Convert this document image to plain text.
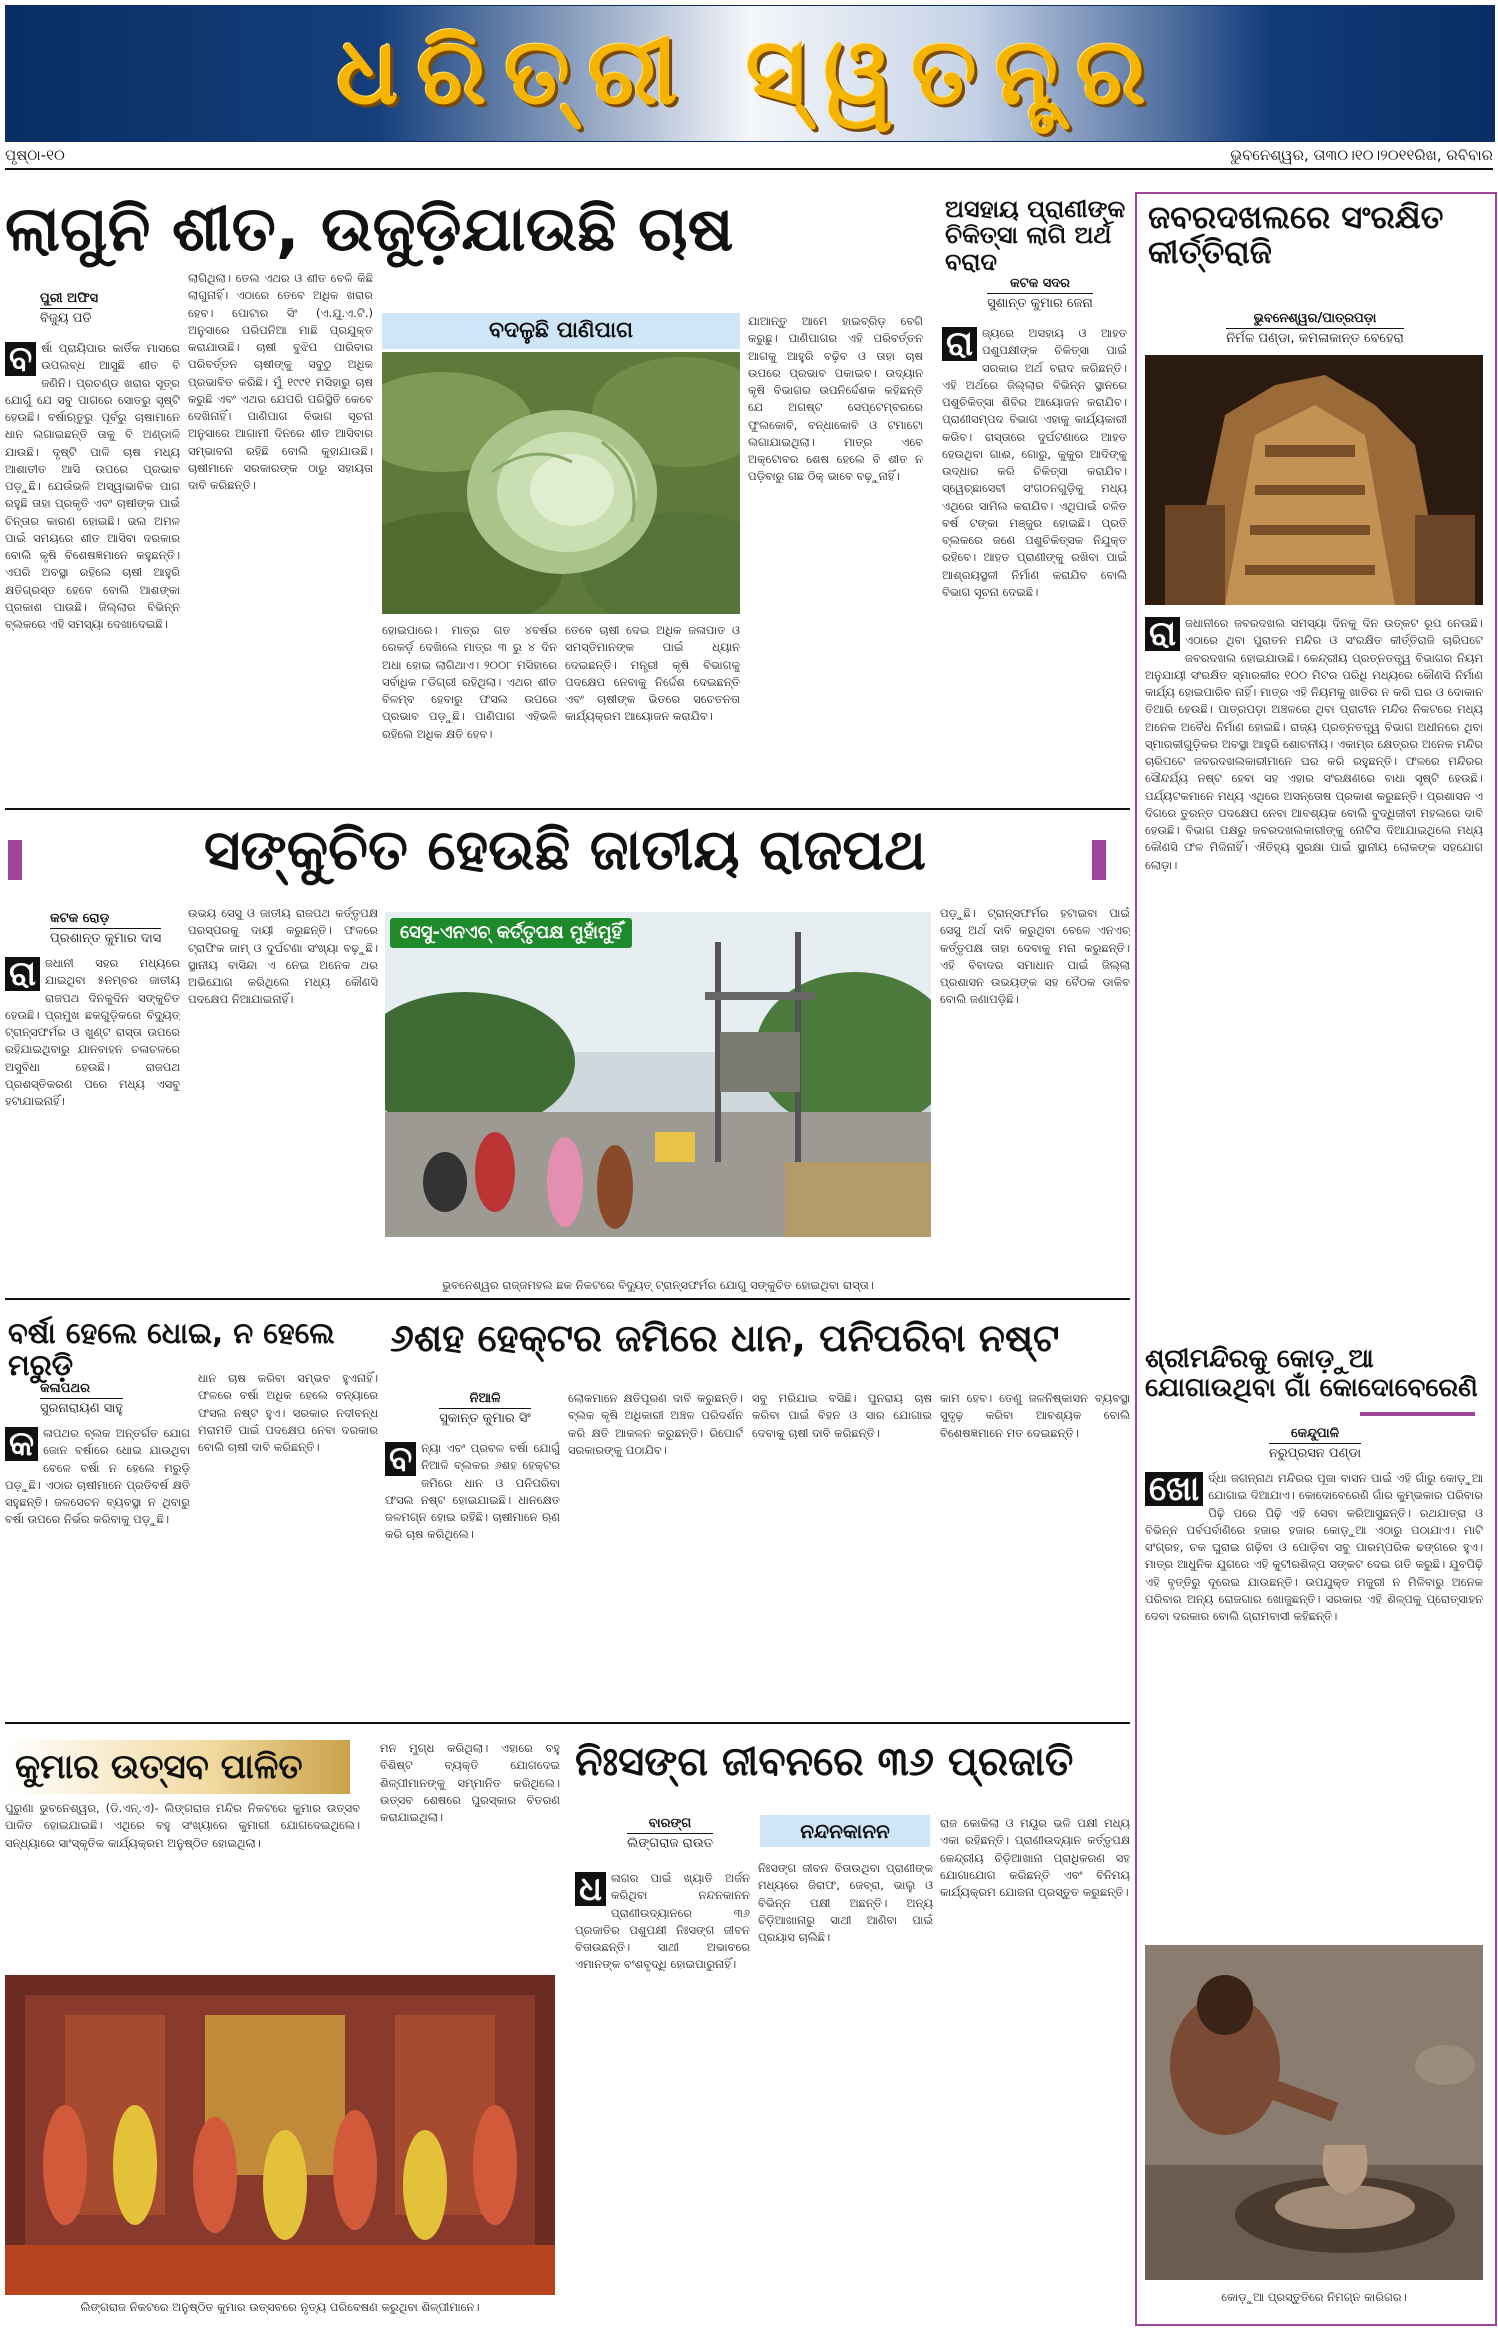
ଧରିତ୍ରୀ ସ୍ୱତନ୍ତ୍ର
ପୃଷ୍ଠା-୧୦	ଭୁବନେଶ୍ୱର, ତା୩୦।୧୦।୨୦୧୧ରିଖ, ରବିବାର
ଲାଗୁନି ଶୀତ, ଉଜୁଡ଼ିଯାଉଛି ଚାଷ
ପୁରୀ ଅଫିସ
ବିଜୁୟ ପତି
ବ ର୍ଷା ପ୍ରାୟିପାର କାର୍ତିକ ମାସରେ ଉପଲବ୍ଧ ଆସୁଛି ଶୀତ ବି ଜଣିନି। ପ୍ରଚଣ୍ଡ ଖରାର ସୂତ୍ର ଯୋଗୁଁ ଯେ ସବୁ ପାଗରେ ସୋତରୁ ସୃଷ୍ଟି ହେଉଛି। ବର୍ଷାଋତୁରୁ ପୂର୍ବରୁ ଚାଷାମାନେ ଧାନ ଲଗାଇଛନ୍ତି ତାକୁ ବି ଅଣ୍ଡାଳି ଯାଉଛି। ଦୃଷ୍ଟି ପାଳି ଚାଷ ମଧ୍ୟ ଆଶାତୀତ ଆସି ଉପରେ ପ୍ରଭାବ ପଡ଼ୁଛି। ଯେଉଁଭଳି ଅସ୍ୱାଭାବିକ ପାଗ ରହୁଛି ତାହା ପ୍ରକୃତି ଏବଂ ଚାଷୀଙ୍କ ପାଇଁ ଚିନ୍ତାର କାରଣ ହୋଇଛି। ଭଲ ଅମଳ ପାଇଁ ସମୟରେ ଶୀତ ଆସିବା ଦରକାର ବୋଲି କୃଷି ବିଶେଷଜ୍ଞମାନେ କହୁଛନ୍ତି। ଏପରି ଅବସ୍ଥା ରହିଲେ ଚାଷୀ ଆହୁରି କ୍ଷତିଗ୍ରସ୍ତ ହେବେ ବୋଲି ଆଶଙ୍କା ପ୍ରକାଶ ପାଉଛି। ଜିଲ୍ଲାର ବିଭିନ୍ନ ବ୍ଲକରେ ଏହି ସମସ୍ୟା ଦେଖାଦେଇଛି।
ଲାଗିଥିଲା। ତେଲ ଏଥର ଓ ଶୀତ ବେଳି କିଛି ଲାଗୁନାହିଁ। ଏଠାରେ ତେବେ ଅଧିକ ଖରାର ହେବ। ପୋଟାର ସିଂ (ଏ.ଯୁ.ଏ.ଟି.) ଅନୁସାରେ ପରିପନିଆ ମାଛି ପ୍ରଯୁକ୍ତ କରାଯାଉଛି। ଚାଷୀ ବୁଝିପ ପାରିବାର ପରିବର୍ତ୍ତନ ଚାଷୀଙ୍କୁ ସବୁଠୁ ଅଧିକ ପ୍ରଭାବିତ କରିଛି। ମୁଁ ୧୯୯୧ ମସିହାରୁ ଚାଷ କରୁଛି ଏବଂ ଏଥର ଯେପରି ପରିସ୍ଥିତି କେବେ ଦେଖିନାହିଁ। ପାଣିପାଗ ବିଭାଗ ସୂଚନା ଅନୁସାରେ ଆଗାମୀ ଦିନରେ ଶୀତ ଆସିବାର ସମ୍ଭାବନା ରହିଛି ବୋଲି କୁହାଯାଉଛି। ଚାଷୀମାନେ ସରକାରଙ୍କ ଠାରୁ ସହାୟତା ଦାବି କରିଛନ୍ତି।
ବଦଳୁଛି ପାଣିପାଗ
ହୋଇପାରେ। ମାତ୍ର ଗତ ୪ବର୍ଷର ରେକର୍ଡ଼ ଦେଖିଲେ ମାତ୍ର ୩ ରୁ ୪ ଦିନ ଅଧା ହୋଇ ଲାଗିଥାଏ। ୨୦୦୮ ମସିହାରେ ସର୍ବାଧିକ ୮ଡିଗ୍ରୀ ରହିଥିଲା। ଏଥର ଶୀତ ବିଳମ୍ବ ହେବାରୁ ଫସଲ ଉପରେ ପ୍ରଭାବ ପଡ଼ୁଛି। ପାଣିପାଗ ଏହିଭଳି ରହିଲେ ଅଧିକ କ୍ଷତି ହେବ।
ତେବେ ଚାଷୀ ଦେଇ ଅଧିକ ଜଳାପାତ ଓ ସମସ୍ତିମାନଙ୍କ ପାଇଁ ଧ୍ୟାନ ଦେଇଛନ୍ତି। ମନ୍ତ୍ରୀ କୃଷି ବିଭାଗକୁ ପଦକ୍ଷେପ ନେବାକୁ ନିର୍ଦ୍ଦେଶ ଦେଇଛନ୍ତି ଏବଂ ଚାଷୀଙ୍କ ଭିତରେ ସଚେତନତା କାର୍ଯ୍ୟକ୍ରମ ଆୟୋଜନ କରାଯିବ।
ଯାଆନ୍ତୁ ଆମେ ହାଇବ୍ରିଡ଼ ବେଗି କରୁଛୁ। ପାଣିପାଗର ଏହି ପରିବର୍ତ୍ତନ ଆଗକୁ ଆହୁରି ବଢ଼ିବ ଓ ତାହା ଚାଷ ଉପରେ ପ୍ରଭାବ ପକାଇବ। ଉଦ୍ୟାନ କୃଷି ବିଭାଗର ଉପନିର୍ଦ୍ଦେଶକ କହିଛନ୍ତି ଯେ ଅଗଷ୍ଟ ସେପ୍ଟେମ୍ବରରେ ଫୁଲକୋବି, ବନ୍ଧାକୋବି ଓ ଟମାଟୋ ଲଗାଯାଇଥିଲା। ମାତ୍ର ଏବେ ଅକ୍ଟୋବର ଶେଷ ହେଲେ ବି ଶୀତ ନ ପଡ଼ିବାରୁ ଗଛ ଠିକ୍ ଭାବେ ବଢ଼ୁନାହିଁ।
ଅସହାୟ ପ୍ରାଣୀଙ୍କ ଚିକିତ୍ସା ଲାଗି ଅର୍ଥ ବରାଦ
କଟକ ସଦର
ସୁଶାନ୍ତ କୁମାର ଜେନା
ରା ଜ୍ୟରେ ଅସହାୟ ଓ ଆହତ ପଶୁପକ୍ଷୀଙ୍କ ଚିକିତ୍ସା ପାଇଁ ସରକାର ଅର୍ଥ ବରାଦ କରିଛନ୍ତି। ଏହି ଅର୍ଥରେ ଜିଲ୍ଲାର ବିଭିନ୍ନ ସ୍ଥାନରେ ପଶୁଚିକିତ୍ସା ଶିବିର ଆୟୋଜନ କରାଯିବ। ପ୍ରାଣୀସମ୍ପଦ ବିଭାଗ ଏହାକୁ କାର୍ଯ୍ୟକାରୀ କରିବ। ରାସ୍ତାରେ ଦୁର୍ଘଟଣାରେ ଆହତ ହେଉଥିବା ଗାଈ, ଗୋରୁ, କୁକୁର ଆଦିଙ୍କୁ ଉଦ୍ଧାର କରି ଚିକିତ୍ସା କରାଯିବ। ସ୍ୱେଚ୍ଛାସେବୀ ସଂଗଠନଗୁଡ଼ିକୁ ମଧ୍ୟ ଏଥିରେ ସାମିଲ କରାଯିବ। ଏଥିପାଇଁ ଚଳିତ ବର୍ଷ ଟଙ୍କା ମଞ୍ଜୁର ହୋଇଛି। ପ୍ରତି ବ୍ଲକରେ ଜଣେ ପଶୁଚିକିତ୍ସକ ନିଯୁକ୍ତ ରହିବେ। ଆହତ ପ୍ରାଣୀଙ୍କୁ ରଖିବା ପାଇଁ ଆଶ୍ରୟସ୍ଥଳୀ ନିର୍ମାଣ କରାଯିବ ବୋଲି ବିଭାଗ ସୂଚନା ଦେଇଛି।
ସଙ୍କୁଚିତ ହେଉଛି ଜାତୀୟ ରାଜପଥ
କଟକ ରୋଡ଼
ପ୍ରଶାନ୍ତ କୁମାର ଦାସ
ରା ଜଧାନୀ ସହର ମଧ୍ୟରେ ଯାଇଥିବା ୫ନମ୍ବର ଜାତୀୟ ରାଜପଥ ଦିନକୁଦିନ ସଙ୍କୁଚିତ ହେଉଛି। ପ୍ରମୁଖ ଛକଗୁଡ଼ିକରେ ବିଦ୍ୟୁତ୍ ଟ୍ରାନ୍ସଫର୍ମର ଓ ଖୁଣ୍ଟ ରାସ୍ତା ଉପରେ ରହିଯାଇଥିବାରୁ ଯାନବାହନ ଚଳାଚଳରେ ଅସୁବିଧା ହେଉଛି। ରାଜପଥ ପ୍ରଶସ୍ତିକରଣ ପରେ ମଧ୍ୟ ଏସବୁ ହଟାଯାଇନାହିଁ।
ଉଭୟ ସେସୁ ଓ ଜାତୀୟ ରାଜପଥ କର୍ତ୍ତୃପକ୍ଷ ପରସ୍ପରକୁ ଦାୟୀ କରୁଛନ୍ତି। ଫଳରେ ଟ୍ରାଫିକ ଜାମ୍ ଓ ଦୁର୍ଘଟଣା ସଂଖ୍ୟା ବଢ଼ୁଛି। ସ୍ଥାନୀୟ ବାସିନ୍ଦା ଏ ନେଇ ଅନେକ ଥର ଅଭିଯୋଗ କରିଥିଲେ ମଧ୍ୟ କୌଣସି ପଦକ୍ଷେପ ନିଆଯାଇନାହିଁ।
ସେସୁ-ଏନଏଚ୍ କର୍ତ୍ତୃପକ୍ଷ ମୁହାଁମୁହିଁ
ଭୁବନେଶ୍ୱର ରାଜ୍ଜମହଲ ଛକ ନିକଟରେ ବିଦ୍ୟୁତ୍ ଟ୍ରାନ୍ସଫର୍ମର ଯୋଗୁ ସଙ୍କୁଚିତ ହୋଇଥିବା ରାସ୍ତା।
ପଡ଼ୁଛି। ଟ୍ରାନ୍ସଫର୍ମର ହଟାଇବା ପାଇଁ ସେସୁ ଅର୍ଥ ଦାବି କରୁଥିବା ବେଳେ ଏନଏଚ୍ କର୍ତ୍ତୃପକ୍ଷ ତାହା ଦେବାକୁ ମନା କରୁଛନ୍ତି। ଏହି ବିବାଦର ସମାଧାନ ପାଇଁ ଜିଲ୍ଲା ପ୍ରଶାସନ ଉଭୟଙ୍କ ସହ ବୈଠକ ଡାକିବ ବୋଲି ଜଣାପଡ଼ିଛି।
ବର୍ଷା ହେଲେ ଧୋଇ, ନ ହେଲେ ମରୁଡ଼ି
କଳାପଥର
ସୁରନାରାୟଣ ସାହୁ
କ ଳାପଥର ବ୍ଲକ ଅନ୍ତର୍ଗତ ଯୋଗ ଜୋନ ବର୍ଷାରେ ଧୋଇ ଯାଉଥିବା ବେଳେ ବର୍ଷା ନ ହେଲେ ମରୁଡ଼ି ପଡ଼ୁଛି। ଏଠାର ଚାଷୀମାନେ ପ୍ରତିବର୍ଷ କ୍ଷତି ସହୁଛନ୍ତି। ଜଳସେଚନ ବ୍ୟବସ୍ଥା ନ ଥିବାରୁ ବର୍ଷା ଉପରେ ନିର୍ଭର କରିବାକୁ ପଡ଼ୁଛି।
ଧାନ ଚାଷ କରିବା ସମ୍ଭବ ହୁଏନାହିଁ। ଫଳରେ ବର୍ଷା ଅଧିକ ହେଲେ ବନ୍ୟାରେ ଫସଲ ନଷ୍ଟ ହୁଏ। ସରକାର ନଦୀବନ୍ଧ ମରାମତି ପାଇଁ ପଦକ୍ଷେପ ନେବା ଦରକାର ବୋଲି ଚାଷୀ ଦାବି କରିଛନ୍ତି।
୬ଶହ ହେକ୍ଟର ଜମିରେ ଧାନ, ପନିପରିବା ନଷ୍ଟ
ନିଆଳି
ସୁକାନ୍ତ କୁମାର ସିଂ
ବ ନ୍ୟା ଏବଂ ପ୍ରବଳ ବର୍ଷା ଯୋଗୁଁ ନିଆଳି ବ୍ଲକର ୬ଶହ ହେକ୍ଟର ଜମିରେ ଧାନ ଓ ପନିପରିବା ଫସଲ ନଷ୍ଟ ହୋଇଯାଇଛି। ଧାନକ୍ଷେତ ଜଳମଗ୍ନ ହୋଇ ରହିଛି। ଚାଷୀମାନେ ଋଣ କରି ଚାଷ କରିଥିଲେ।
ଲୋକମାନେ କ୍ଷତିପୂରଣ ଦାବି କରୁଛନ୍ତି। ବ୍ଲକ କୃଷି ଅଧିକାରୀ ଅଞ୍ଚଳ ପରିଦର୍ଶନ କରି କ୍ଷତି ଆକଳନ କରୁଛନ୍ତି। ରିପୋର୍ଟ ସରକାରଙ୍କୁ ପଠାଯିବ।
ସବୁ ମରିଯାଇ ବସିଛି। ପୁନରାୟ ଚାଷ କରିବା ପାଇଁ ବିହନ ଓ ସାର ଯୋଗାଇ ଦେବାକୁ ଚାଷୀ ଦାବି କରିଛନ୍ତି।
କାମ ହେବ। ତେଣୁ ଜଳନିଷ୍କାସନ ବ୍ୟବସ୍ଥା ସୁଦୃଢ଼ କରିବା ଆବଶ୍ୟକ ବୋଲି ବିଶେଷଜ୍ଞମାନେ ମତ ଦେଇଛନ୍ତି।
କୁମାର ଉତ୍ସବ ପାଳିତ
ପୁରୁଣା ଭୁବନେଶ୍ୱର, (ଡି.ଏନ୍.ଏ)- ଲିଙ୍ଗରାଜ ମନ୍ଦିର ନିକଟରେ କୁମାର ଉତ୍ସବ ପାଳିତ ହୋଇଯାଇଛି। ଏଥିରେ ବହୁ ସଂଖ୍ୟାରେ କୁମାରୀ ଯୋଗଦେଇଥିଲେ। ସନ୍ଧ୍ୟାରେ ସାଂସ୍କୃତିକ କାର୍ଯ୍ୟକ୍ରମ ଅନୁଷ୍ଠିତ ହୋଇଥିଲା।
ମନ ମୁଗ୍ଧ କରିଥିଲା। ଏହାରେ ବହୁ ବିଶିଷ୍ଟ ବ୍ୟକ୍ତି ଯୋଗଦେଇ ଶିଳ୍ପୀମାନଙ୍କୁ ସମ୍ମାନିତ କରିଥିଲେ। ଉତ୍ସବ ଶେଷରେ ପୁରସ୍କାର ବିତରଣ କରାଯାଇଥିଲା।
ଲିଙ୍ଗରାଜ ନିକଟରେ ଅନୁଷ୍ଠିତ କୁମାର ଉତ୍ସବରେ ନୃତ୍ୟ ପରିବେଷଣ କରୁଥିବା ଶିଳ୍ପୀମାନେ।
ନିଃସଙ୍ଗ ଜୀବନରେ ୩୬ ପ୍ରଜାତି
ବାରଙ୍ଗ
ଲିଙ୍ଗରାଜ ରାଉତ
ନନ୍ଦନକାନନ
ଧ ଳାଗର ପାଇଁ ଖ୍ୟାତି ଅର୍ଜନ କରିଥିବା ନନ୍ଦନକାନନ ପ୍ରାଣୀଉଦ୍ୟାନରେ ୩୬ ପ୍ରଜାତିର ପଶୁପକ୍ଷୀ ନିଃସଙ୍ଗ ଜୀବନ ବିତାଉଛନ୍ତି। ସାଥୀ ଅଭାବରେ ଏମାନଙ୍କ ବଂଶବୃଦ୍ଧି ହୋଇପାରୁନାହିଁ।
ନିଃସଙ୍ଗ ଜୀବନ ବିତାଉଥିବା ପ୍ରାଣୀଙ୍କ ମଧ୍ୟରେ ଜିରାଫ, ଜେବ୍ରା, ଭାଲୁ ଓ ବିଭିନ୍ନ ପକ୍ଷୀ ଅଛନ୍ତି। ଅନ୍ୟ ଚିଡ଼ିଆଖାନାରୁ ସାଥୀ ଆଣିବା ପାଇଁ ପ୍ରୟାସ ଚାଲିଛି।
ରାଜ କୋକିଲା ଓ ମୟୂର ଭଳି ପକ୍ଷୀ ମଧ୍ୟ ଏକା ରହିଛନ୍ତି। ପ୍ରାଣୀଉଦ୍ୟାନ କର୍ତ୍ତୃପକ୍ଷ କେନ୍ଦ୍ରୀୟ ଚିଡ଼ିଆଖାନା ପ୍ରାଧିକରଣ ସହ ଯୋଗାଯୋଗ କରିଛନ୍ତି ଏବଂ ବିନିମୟ କାର୍ଯ୍ୟକ୍ରମ ଯୋଜନା ପ୍ରସ୍ତୁତ କରୁଛନ୍ତି।
ଜବରଦଖଲରେ ସଂରକ୍ଷିତ କୀର୍ତ୍ତିରାଜି
ଭୁବନେଶ୍ୱର/ପାତ୍ରପଡ଼ା
ନିର୍ମଳ ପଣ୍ଡା, କମଳାକାନ୍ତ ବେହେରା
ରା ଜଧାନୀରେ ଜବରଦଖଲ ସମସ୍ୟା ଦିନକୁ ଦିନ ଉତ୍କଟ ରୂପ ନେଉଛି। ଏଠାରେ ଥିବା ପୁରାତନ ମନ୍ଦିର ଓ ସଂରକ୍ଷିତ କୀର୍ତ୍ତିରାଜି ଚାରିପଟେ ଜବରଦଖଲ ହୋଇଯାଉଛି। କେନ୍ଦ୍ରୀୟ ପ୍ରତ୍ନତତ୍ତ୍ୱ ବିଭାଗର ନିୟମ ଅନୁଯାୟୀ ସଂରକ୍ଷିତ ସ୍ମାରକୀର ୧୦୦ ମିଟର ପରିଧି ମଧ୍ୟରେ କୌଣସି ନିର୍ମାଣ କାର୍ଯ୍ୟ ହୋଇପାରିବ ନାହିଁ। ମାତ୍ର ଏହି ନିୟମକୁ ଖାତିର ନ କରି ଘର ଓ ଦୋକାନ ତିଆରି ହେଉଛି। ପାତ୍ରପଡ଼ା ଅଞ୍ଚଳରେ ଥିବା ପ୍ରାଚୀନ ମନ୍ଦିର ନିକଟରେ ମଧ୍ୟ ଅନେକ ଅବୈଧ ନିର୍ମାଣ ହୋଇଛି। ରାଜ୍ୟ ପ୍ରତ୍ନତତ୍ତ୍ୱ ବିଭାଗ ଅଧୀନରେ ଥିବା ସ୍ମାରକୀଗୁଡ଼ିକର ଅବସ୍ଥା ଆହୁରି ଶୋଚନୀୟ। ଏକାମ୍ର କ୍ଷେତ୍ରର ଅନେକ ମନ୍ଦିର ଚାରିପଟେ ଜବରଦଖଲକାରୀମାନେ ଘର କରି ରହୁଛନ୍ତି। ଫଳରେ ମନ୍ଦିରର ସୌନ୍ଦର୍ଯ୍ୟ ନଷ୍ଟ ହେବା ସହ ଏହାର ସଂରକ୍ଷଣରେ ବାଧା ସୃଷ୍ଟି ହେଉଛି। ପର୍ଯ୍ୟଟକମାନେ ମଧ୍ୟ ଏଥିରେ ଅସନ୍ତୋଷ ପ୍ରକାଶ କରୁଛନ୍ତି। ପ୍ରଶାସନ ଏ ଦିଗରେ ତୁରନ୍ତ ପଦକ୍ଷେପ ନେବା ଆବଶ୍ୟକ ବୋଲି ବୁଦ୍ଧିଜୀବୀ ମହଲରେ ଦାବି ହେଉଛି। ବିଭାଗ ପକ୍ଷରୁ ଜବରଦଖଲକାରୀଙ୍କୁ ନୋଟିସ ଦିଆଯାଇଥିଲେ ମଧ୍ୟ କୌଣସି ଫଳ ମିଳିନାହିଁ। ଐତିହ୍ୟ ସୁରକ୍ଷା ପାଇଁ ସ୍ଥାନୀୟ ଲୋକଙ୍କ ସହଯୋଗ ଲୋଡ଼ା।
ଶ୍ରୀମନ୍ଦିରକୁ କୋଡ଼ୁଆ ଯୋଗାଉଥିବା ଗାଁ କୋଦୋବେରେଣି
କେନ୍ଦୁପାଳି
ନରୁପ୍ରସନ ପଣ୍ଡା
ଖୋ ର୍ଦ୍ଧା ଜଗନ୍ନାଥ ମନ୍ଦିରର ପୂଜା ବାସନ ପାଇଁ ଏହି ଗାଁରୁ କୋଡ଼ୁଆ ଯୋଗାଇ ଦିଆଯାଏ। କୋଦୋବେରେଣି ଗାଁର କୁମ୍ଭକାର ପରିବାର ପିଢ଼ି ପରେ ପିଢ଼ି ଏହି ସେବା କରିଆସୁଛନ୍ତି। ରଥଯାତ୍ରା ଓ ବିଭିନ୍ନ ପର୍ବପର୍ବାଣିରେ ହଜାର ହଜାର କୋଡ଼ୁଆ ଏଠାରୁ ପଠାଯାଏ। ମାଟି ସଂଗ୍ରହ, ଚକ ଘୁରାଇ ଗଢ଼ିବା ଓ ପୋଡ଼ିବା ସବୁ ପାରମ୍ପରିକ ଢଙ୍ଗରେ ହୁଏ। ମାତ୍ର ଆଧୁନିକ ଯୁଗରେ ଏହି କୁଟୀରଶିଳ୍ପ ସଙ୍କଟ ଦେଇ ଗତି କରୁଛି। ଯୁବପିଢ଼ି ଏହି ବୃତ୍ତିରୁ ଦୂରେଇ ଯାଉଛନ୍ତି। ଉପଯୁକ୍ତ ମଜୁରୀ ନ ମିଳିବାରୁ ଅନେକ ପରିବାର ଅନ୍ୟ ରୋଜଗାର ଖୋଜୁଛନ୍ତି। ସରକାର ଏହି ଶିଳ୍ପକୁ ପ୍ରୋତ୍ସାହନ ଦେବା ଦରକାର ବୋଲି ଗ୍ରାମବାସୀ କହିଛନ୍ତି।
କୋଡ଼ୁଆ ପ୍ରସ୍ତୁତିରେ ନିମଗ୍ନ କାରିଗର।
